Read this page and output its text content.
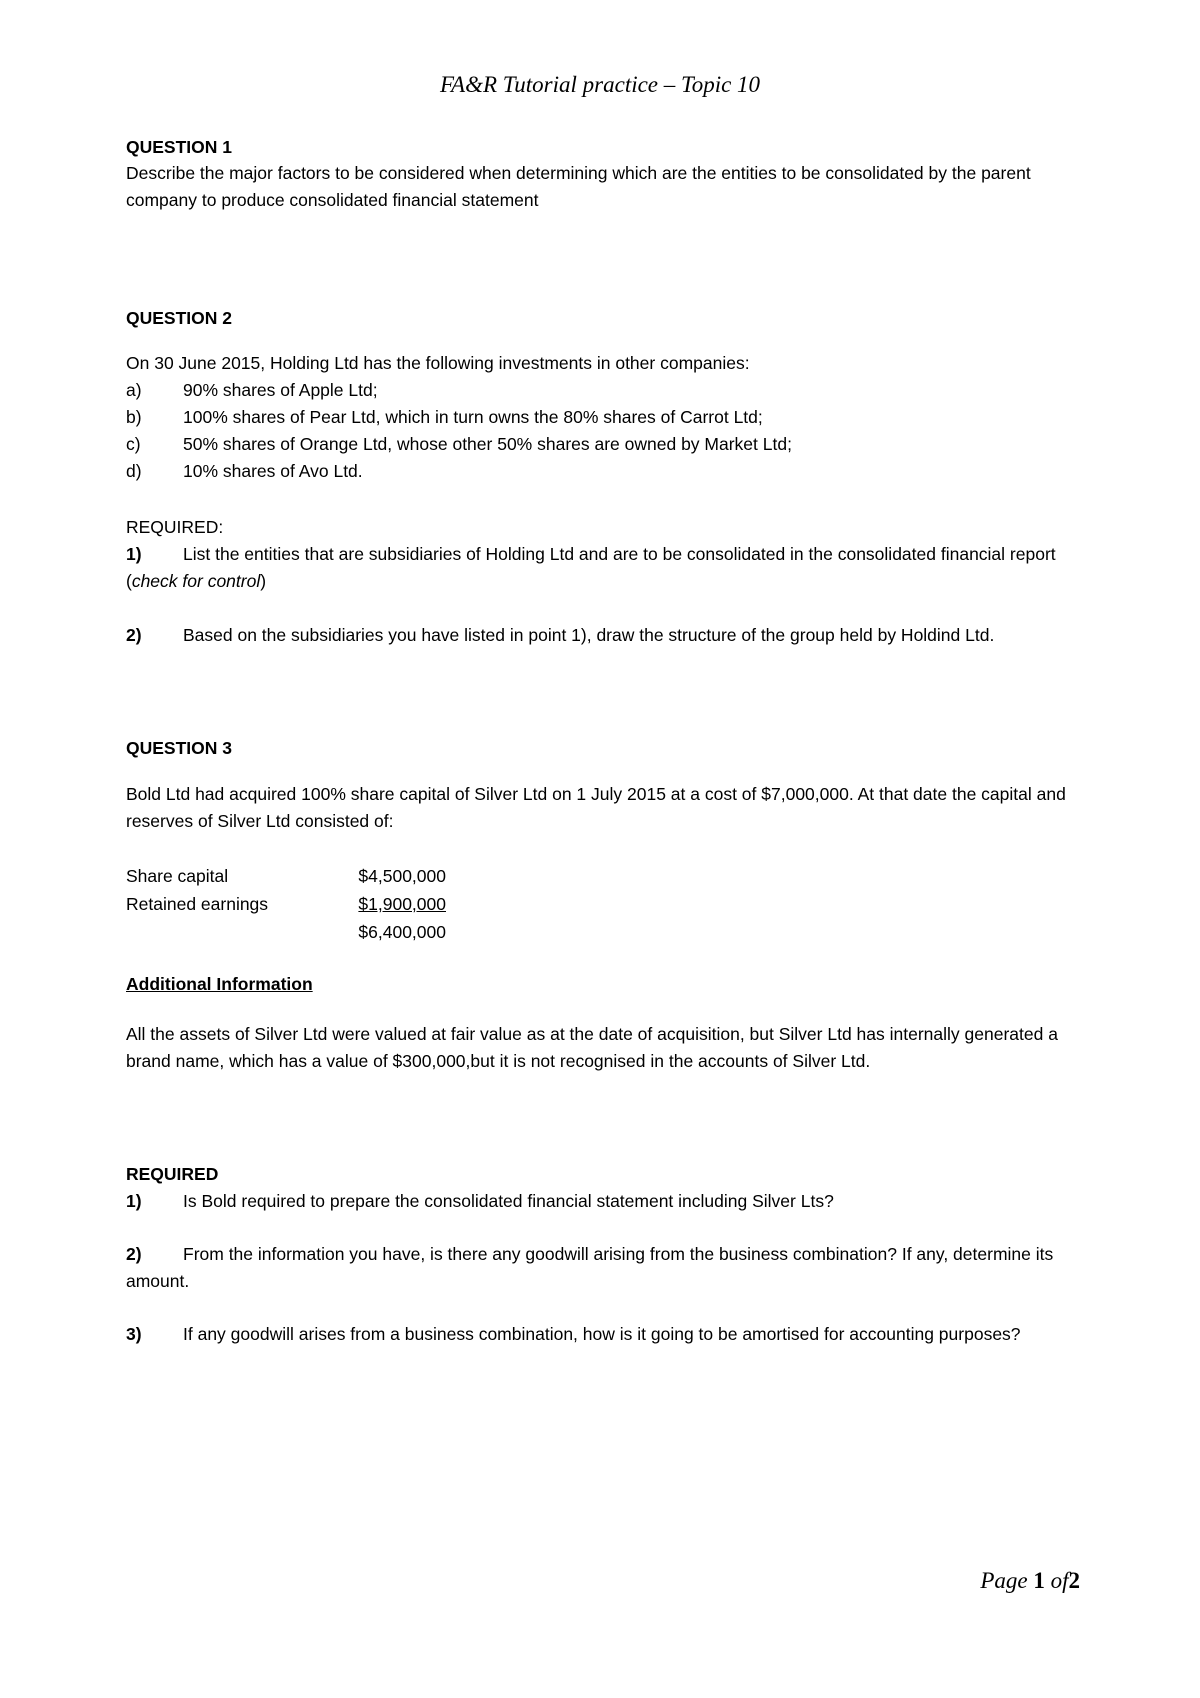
FA&R Tutorial practice – Topic 10
QUESTION 1
Describe the major factors to be considered when determining which are the entities to be consolidated by the parent company to produce consolidated financial statement
QUESTION 2
On 30 June 2015, Holding Ltd has the following investments in other companies:
a)	90% shares of Apple Ltd;
b)	100% shares of Pear Ltd, which in turn owns the 80% shares of Carrot Ltd;
c)	50% shares of Orange Ltd, whose other 50% shares are owned by Market Ltd;
d)	10% shares of Avo Ltd.
REQUIRED:
1) List the entities that are subsidiaries of Holding Ltd and are to be consolidated in the consolidated financial report (check for control)
2) Based on the subsidiaries you have listed in point 1), draw the structure of the group held by Holdind Ltd.
QUESTION 3
Bold Ltd had acquired 100% share capital of Silver Ltd on 1 July 2015 at a cost of $7,000,000. At that date the capital and reserves of Silver Ltd consisted of:
Share capital	$4,500,000
Retained earnings	$1,900,000
$6,400,000
Additional Information
All the assets of Silver Ltd were valued at fair value as at the date of acquisition, but Silver Ltd has internally generated a brand name, which has a value of $300,000,but it is not recognised in the accounts of Silver Ltd.
REQUIRED
1) Is Bold required to prepare the consolidated financial statement including Silver Lts?
2) From the information you have, is there any goodwill arising from the business combination? If any, determine its amount.
3) If any goodwill arises from a business combination, how is it going to be amortised for accounting purposes?
Page 1 of2
